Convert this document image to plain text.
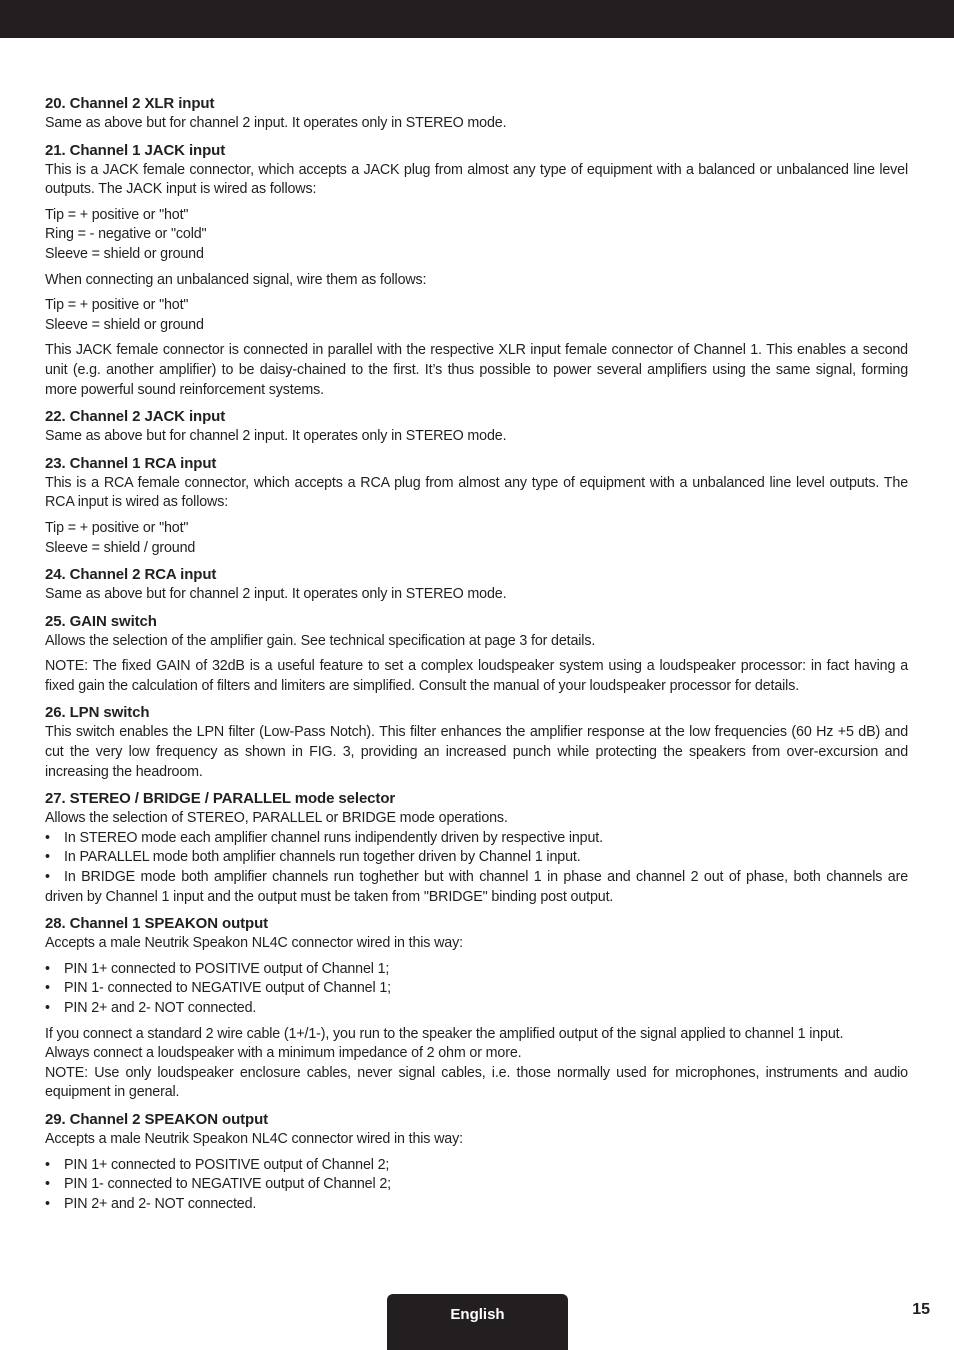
20. Channel 2 XLR input
Same as above but for channel 2 input. It operates only in STEREO mode.
21. Channel 1 JACK input
This is a JACK female connector, which accepts a JACK plug from almost any type of equipment with a balanced or unbalanced line level outputs. The JACK input is wired as follows:
Tip = + positive or "hot"
Ring = - negative or "cold"
Sleeve = shield or ground
When connecting an unbalanced signal, wire them as follows:
Tip = + positive or "hot"
Sleeve = shield or ground
This JACK female connector is connected in parallel with the respective XLR input female connector of Channel 1. This enables a second unit (e.g. another amplifier) to be daisy-chained to the first. It’s thus possible to power several amplifiers using the same signal, forming more powerful sound reinforcement systems.
22. Channel 2 JACK input
Same as above but for channel 2 input. It operates only in STEREO mode.
23. Channel 1 RCA input
This is a RCA female connector, which accepts a RCA plug from almost any type of equipment with a unbalanced line level outputs. The RCA input is wired as follows:
Tip = + positive or "hot"
Sleeve = shield / ground
24. Channel 2 RCA input
Same as above but for channel 2 input. It operates only in STEREO mode.
25. GAIN switch
Allows the selection of the amplifier gain. See technical specification at page 3 for details.
NOTE: The fixed GAIN of 32dB is a useful feature to set a complex loudspeaker system using a loudspeaker processor: in fact having a fixed gain the calculation of filters and limiters are simplified. Consult the manual of your loudspeaker processor for details.
26. LPN switch
This switch enables the LPN filter (Low-Pass Notch). This filter enhances the amplifier response at the low frequencies (60 Hz +5 dB) and cut the very low frequency as shown in FIG. 3, providing an increased punch while protecting the speakers from over-excursion and increasing the headroom.
27. STEREO / BRIDGE / PARALLEL mode selector
Allows the selection of STEREO, PARALLEL or BRIDGE mode operations.
• In STEREO mode each amplifier channel runs indipendently driven by respective input.
• In PARALLEL mode both amplifier channels run together driven by Channel 1 input.
• In BRIDGE mode both amplifier channels run toghether but with channel 1 in phase and channel 2 out of phase, both channels are driven by Channel 1 input and the output must be taken from "BRIDGE" binding post output.
28. Channel 1 SPEAKON output
Accepts a male Neutrik Speakon NL4C connector wired in this way:
• PIN 1+ connected to POSITIVE output of Channel 1;
• PIN 1- connected to NEGATIVE output of Channel 1;
• PIN 2+ and 2- NOT connected.
If you connect a standard 2 wire cable (1+/1-), you run to the speaker the amplified output of the signal applied to channel 1 input.
Always connect a loudspeaker with a minimum impedance of 2 ohm or more.
NOTE: Use only loudspeaker enclosure cables, never signal cables, i.e. those normally used for microphones, instruments and audio equipment in general.
29. Channel 2 SPEAKON output
Accepts a male Neutrik Speakon NL4C connector wired in this way:
• PIN 1+ connected to POSITIVE output of Channel 2;
• PIN 1- connected to NEGATIVE output of Channel 2;
• PIN 2+ and 2- NOT connected.
English	15
